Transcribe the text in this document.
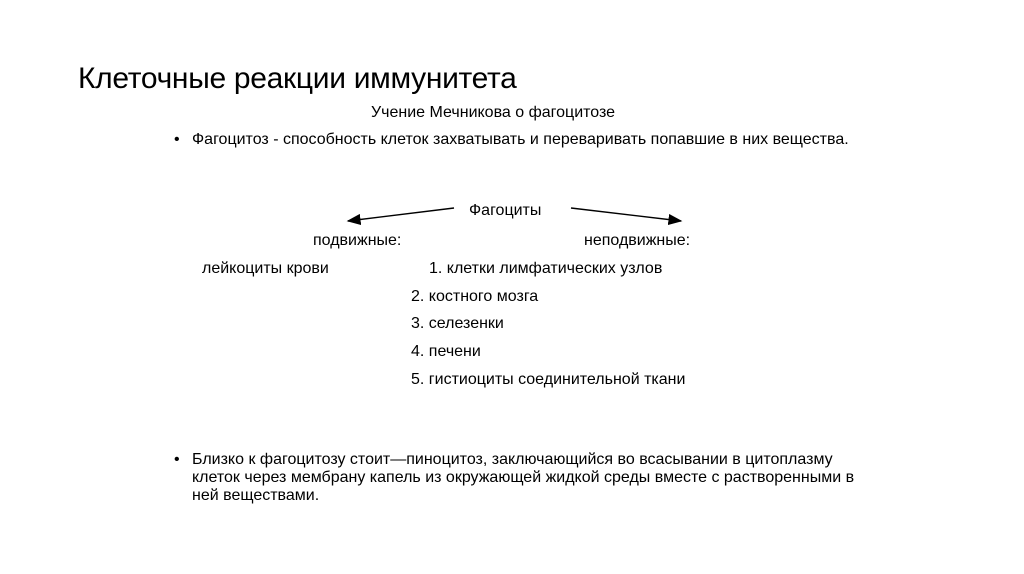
Клеточные реакции иммунитета
Учение Мечникова о фагоцитозе
• Фагоцитоз - способность клеток захватывать и переваривать попавшие в них вещества.
Фагоциты
подвижные:	неподвижные:
лейкоциты крови	1. клетки лимфатических узлов
2. костного мозга
3. селезенки
4. печени
5. гистиоциты соединительной ткани
• Близко к фагоцитозу стоит—пиноцитоз, заключающийся во всасывании в цитоплазму клеток через мембрану капель из окружающей жидкой среды вместе с растворенными в ней веществами.
